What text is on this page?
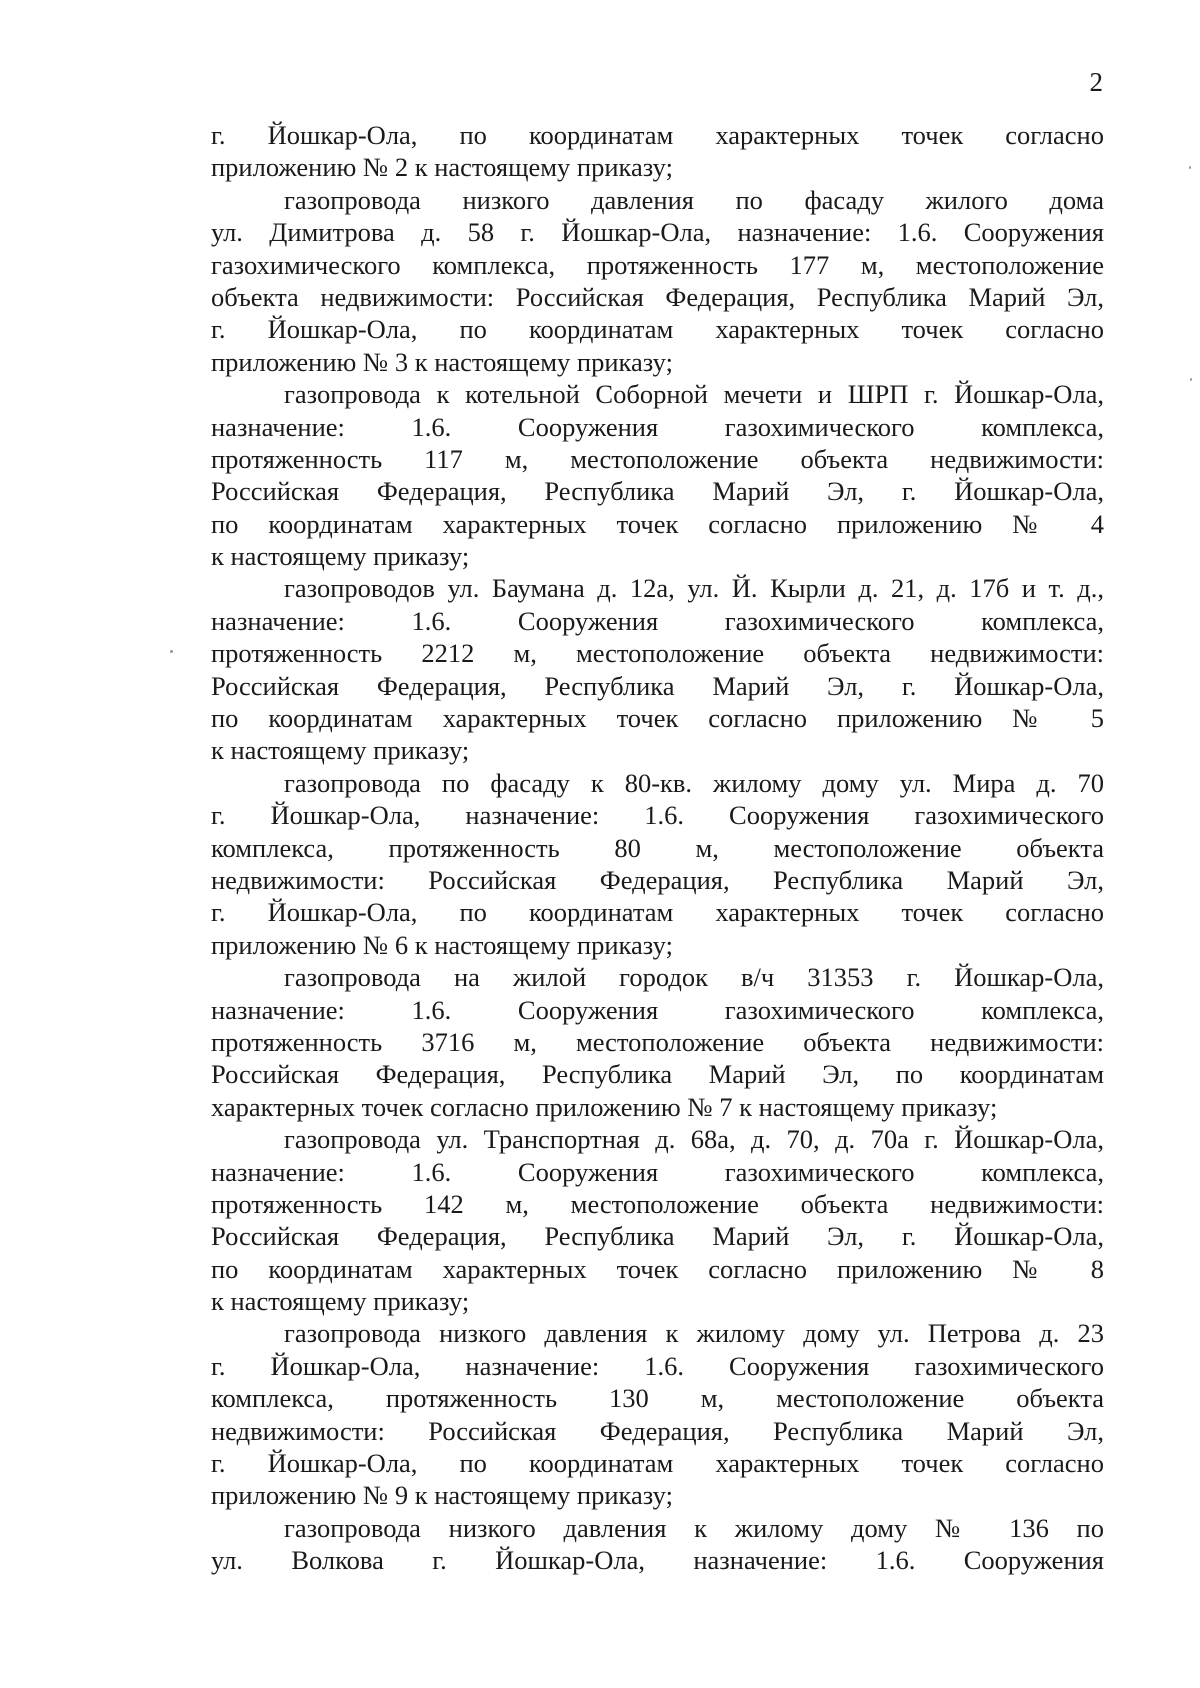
2
г. Йошкар-Ола, по координатам характерных точек согласно
приложению № 2 к настоящему приказу;
газопровода низкого давления по фасаду жилого дома
ул. Димитрова д. 58 г. Йошкар-Ола, назначение: 1.6. Сооружения
газохимического комплекса, протяженность 177 м, местоположение
объекта недвижимости: Российская Федерация, Республика Марий Эл,
г. Йошкар-Ола, по координатам характерных точек согласно
приложению № 3 к настоящему приказу;
газопровода к котельной Соборной мечети и ШРП г. Йошкар-Ола,
назначение: 1.6. Сооружения газохимического комплекса,
протяженность 117 м, местоположение объекта недвижимости:
Российская Федерация, Республика Марий Эл, г. Йошкар-Ола,
по координатам характерных точек согласно приложению № 4
к настоящему приказу;
газопроводов ул. Баумана д. 12а, ул. Й. Кырли д. 21, д. 17б и т. д.,
назначение: 1.6. Сооружения газохимического комплекса,
протяженность 2212 м, местоположение объекта недвижимости:
Российская Федерация, Республика Марий Эл, г. Йошкар-Ола,
по координатам характерных точек согласно приложению № 5
к настоящему приказу;
газопровода по фасаду к 80-кв. жилому дому ул. Мира д. 70
г. Йошкар-Ола, назначение: 1.6. Сооружения газохимического
комплекса, протяженность 80 м, местоположение объекта
недвижимости: Российская Федерация, Республика Марий Эл,
г. Йошкар-Ола, по координатам характерных точек согласно
приложению № 6 к настоящему приказу;
газопровода на жилой городок в/ч 31353 г. Йошкар-Ола,
назначение: 1.6. Сооружения газохимического комплекса,
протяженность 3716 м, местоположение объекта недвижимости:
Российская Федерация, Республика Марий Эл, по координатам
характерных точек согласно приложению № 7 к настоящему приказу;
газопровода ул. Транспортная д. 68а, д. 70, д. 70а г. Йошкар-Ола,
назначение: 1.6. Сооружения газохимического комплекса,
протяженность 142 м, местоположение объекта недвижимости:
Российская Федерация, Республика Марий Эл, г. Йошкар-Ола,
по координатам характерных точек согласно приложению № 8
к настоящему приказу;
газопровода низкого давления к жилому дому ул. Петрова д. 23
г. Йошкар-Ола, назначение: 1.6. Сооружения газохимического
комплекса, протяженность 130 м, местоположение объекта
недвижимости: Российская Федерация, Республика Марий Эл,
г. Йошкар-Ола, по координатам характерных точек согласно
приложению № 9 к настоящему приказу;
газопровода низкого давления к жилому дому № 136 по
ул. Волкова г. Йошкар-Ола, назначение: 1.6. Сооружения
